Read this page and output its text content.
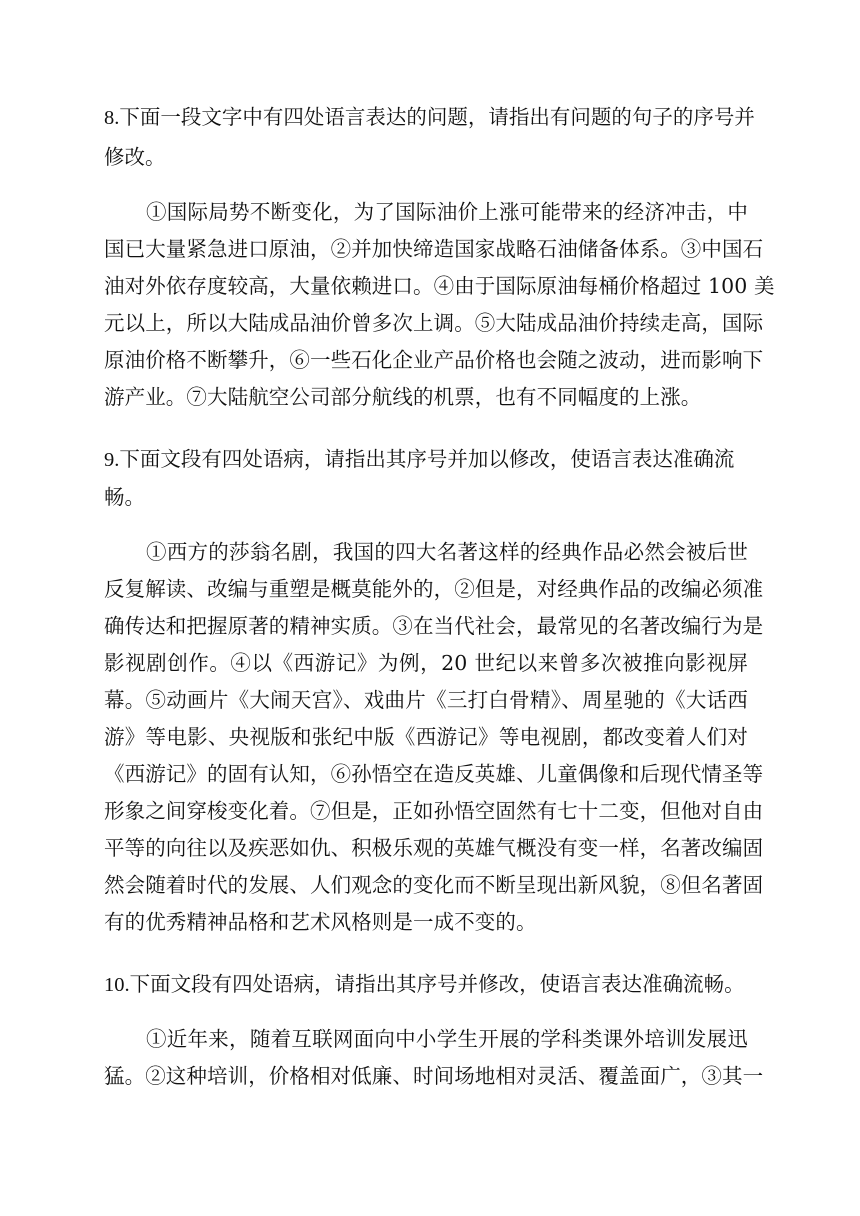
8.下面一段文字中有四处语言表达的问题，请指出有问题的句子的序号并
修改。
①国际局势不断变化，为了国际油价上涨可能带来的经济冲击，中
国已大量紧急进口原油，②并加快缔造国家战略石油储备体系。③中国石
油对外依存度较高，大量依赖进口。④由于国际原油每桶价格超过 100 美
元以上，所以大陆成品油价曾多次上调。⑤大陆成品油价持续走高，国际
原油价格不断攀升，⑥一些石化企业产品价格也会随之波动，进而影响下
游产业。⑦大陆航空公司部分航线的机票，也有不同幅度的上涨。
9.下面文段有四处语病，请指出其序号并加以修改，使语言表达准确流
畅。
①西方的莎翁名剧，我国的四大名著这样的经典作品必然会被后世
反复解读、改编与重塑是概莫能外的，②但是，对经典作品的改编必须准
确传达和把握原著的精神实质。③在当代社会，最常见的名著改编行为是
影视剧创作。④以《西游记》为例，20 世纪以来曾多次被推向影视屏
幕。⑤动画片《大闹天宫》、戏曲片《三打白骨精》、周星驰的《大话西
游》等电影、央视版和张纪中版《西游记》等电视剧，都改变着人们对
《西游记》的固有认知，⑥孙悟空在造反英雄、儿童偶像和后现代情圣等
形象之间穿梭变化着。⑦但是，正如孙悟空固然有七十二变，但他对自由
平等的向往以及疾恶如仇、积极乐观的英雄气概没有变一样，名著改编固
然会随着时代的发展、人们观念的变化而不断呈现出新风貌，⑧但名著固
有的优秀精神品格和艺术风格则是一成不变的。
10.下面文段有四处语病，请指出其序号并修改，使语言表达准确流畅。
①近年来，随着互联网面向中小学生开展的学科类课外培训发展迅
猛。②这种培训，价格相对低廉、时间场地相对灵活、覆盖面广，③其一
